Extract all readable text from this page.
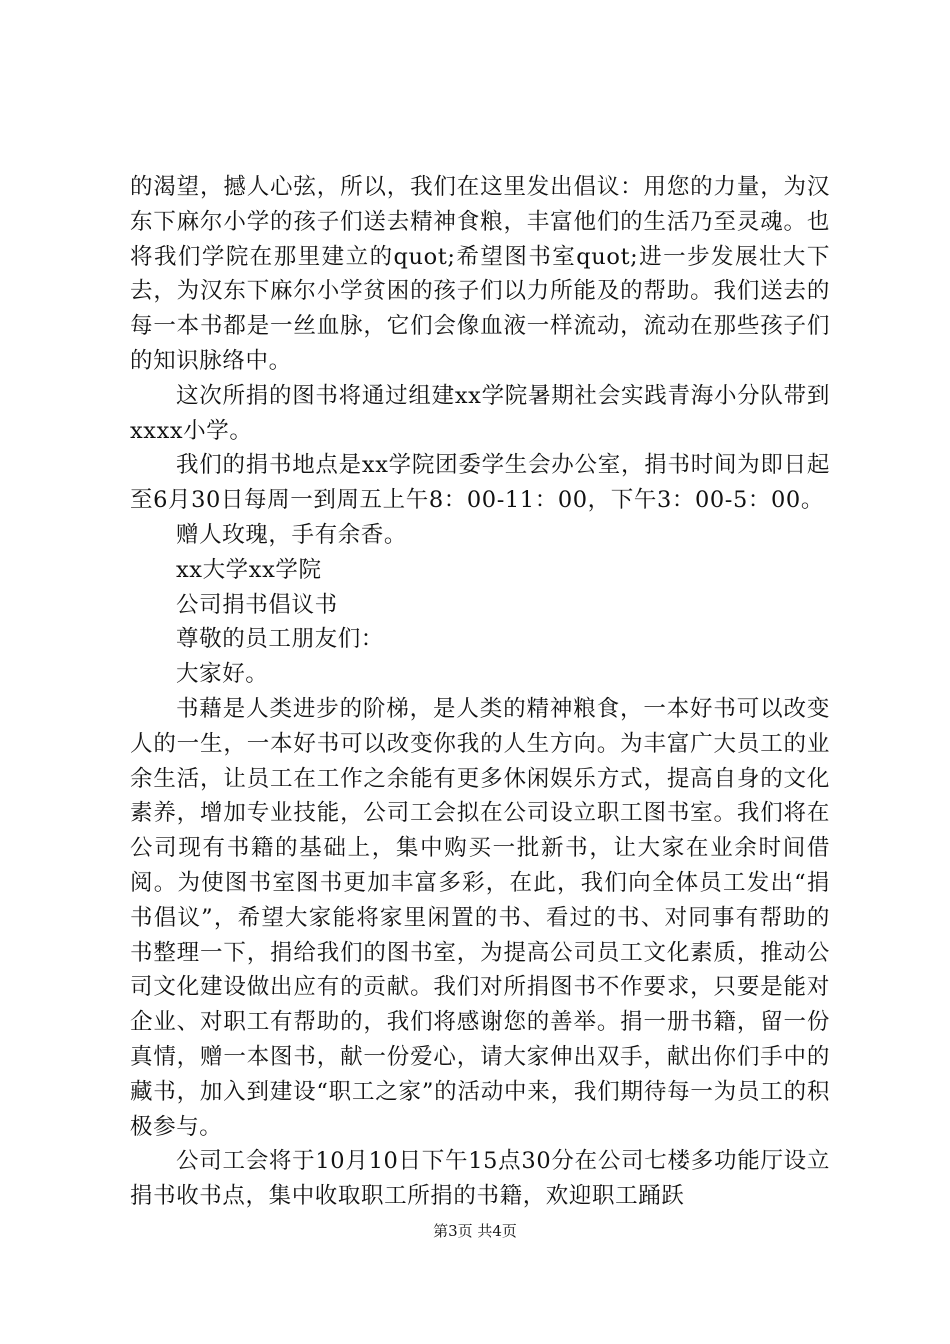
的渴望，撼人心弦，所以，我们在这里发出倡议：用您的力量，为汉东下麻尔小学的孩子们送去精神食粮，丰富他们的生活乃至灵魂。也将我们学院在那里建立的quot;希望图书室quot;进一步发展壮大下去，为汉东下麻尔小学贫困的孩子们以力所能及的帮助。我们送去的每一本书都是一丝血脉，它们会像血液一样流动，流动在那些孩子们的知识脉络中。

这次所捐的图书将通过组建xx学院暑期社会实践青海小分队带到xxxx小学。

我们的捐书地点是xx学院团委学生会办公室，捐书时间为即日起至6月30日每周一到周五上午8：00-11：00，下午3：00-5：00。

赠人玫瑰，手有余香。

xx大学xx学院

公司捐书倡议书

尊敬的员工朋友们：

大家好。

书藉是人类进步的阶梯，是人类的精神粮食，一本好书可以改变人的一生，一本好书可以改变你我的人生方向。为丰富广大员工的业余生活，让员工在工作之余能有更多休闲娱乐方式，提高自身的文化素养，增加专业技能，公司工会拟在公司设立职工图书室。我们将在公司现有书籍的基础上，集中购买一批新书，让大家在业余时间借阅。为使图书室图书更加丰富多彩，在此，我们向全体员工发出“捐书倡议”，希望大家能将家里闲置的书、看过的书、对同事有帮助的书整理一下，捐给我们的图书室，为提高公司员工文化素质，推动公司文化建设做出应有的贡献。我们对所捐图书不作要求，只要是能对企业、对职工有帮助的，我们将感谢您的善举。捐一册书籍，留一份真情，赠一本图书，献一份爱心，请大家伸出双手，献出你们手中的藏书，加入到建设“职工之家”的活动中来，我们期待每一为员工的积极参与。

公司工会将于10月10日下午15点30分在公司七楼多功能厅设立捐书收书点，集中收取职工所捐的书籍，欢迎职工踊跃

第3页 共4页
